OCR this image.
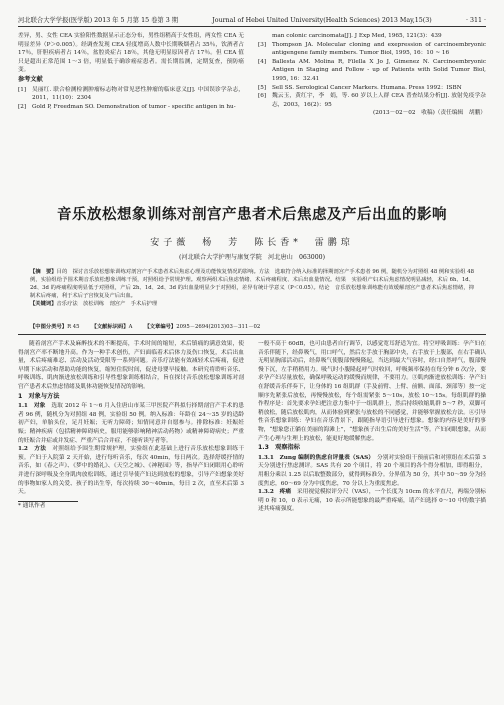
河北联合大学学报(医学版) 2013 年 5 月第 15 卷第 3 期	Journal of Hebei United University(Health Sciences) 2013 May,15(3)	· 311 ·

差异，男、女性 CEA 实验阳性数据显示正态分布，男性组稍高于女性组，两女性 CEA 无明显差异（P＞0.005）。经调查发现 CEA 轻度增高人数中长期吸烟者占 35％，饮酒者占 17％，肝胆疾病者占 14％，盆腔炎症占 18％，其他无明显原因者占 17％。但 CEA 值只是超出正常范围 1～3 倍，明显低于确诊癌症患者。需长期监测，定期复查，预防癌变。

参考文献
[1]	吴丽红. 联合检测检测肿瘤标志物对常见恶性肿瘤的临床意义[J]. 中国误诊学杂志，2011，11(10)：2304
[2]	Gold P, Freedman SO. Demonstration of tumor - specific antigen in hu-
man colonic carcinomata[J]. J Exp Med, 1965, 121(3)：439
[3]	Thompson JA. Molecular cloning and exepression of carcinoembryonic antigengene family members. Tumor Biol, 1995, 16：10 ~ 16
[4]	Ballesta AM. Molina R, Filella X Jo J, Gimenez N. Carcinoembryonic Antigen in Staging and Follow - up of Patients with Solid Tumor Biol, 1995, 16：32.41
[5]	Sell SS. Serological Cancer Markers. Humana. Press 1992：ISBN
[6]	魏云玉，黄红宇，李　娟，等. 60 岁以上人群 CEA 普查结果分析[J]. 放射免疫学杂志，2003，16(2)：95
(2013－02－02　收稿)（责任编辑　胡鹏）
音乐放松想象训练对剖宫产患者术后焦虑及产后出血的影响
安子薇　杨　芳　陈长香*　雷鹏琼
(河北联合大学护理与康复学院　河北唐山　063000)

【摘　要】目的　探讨音乐放松想象训练对剖宫产手术患者术后焦虑心理及功能恢复情况的影响。方法　选取符合纳入标准的择期剖宫产手术患者 96 例，随机分为对照组 48 例和实验组 48 例，实验组给予围术期音乐放松想象训练干预，对照组给予常规护理。观察两组术后焦虑情绪、术后疼痛程度、术后出血量情况。结果　实验组产妇术后焦虑情况明显减轻，术后 6h、1d、2d、3d 的疼痛程度明显低于对照组，产后 2h、1d、2d、3d 的出血量明显少于对照组，差异有统计学意义（P＜0.05）。结论　音乐放松想象训练能有效缓解剖宫产患者术后焦虑情绪，抑制术后疼痛，利于术后子宫恢复及产后出血。

【关键词】音乐疗法　放松训练　剖宫产　手术后护理

【中图分类号】R 45 【文献标识码】A 【文章编号】2095－2694(2013)03－311－02

随着剖宫产手术及麻醉技术的不断提高，手术时间的缩短，术后镇痛的满意效果，使得剖宫产率不断地升高。作为一种手术创伤，产妇面临着术后体力及伤口恢复，术后出血量，术后疼痛难忍、活动及活动受限等一系列问题。音乐疗法能有效减轻术后疼痛，促进早期下床活动和帮助功能的恢复，缩短住院时间，促进母婴早接触。本研究将聆听音乐、呼吸训练、肌肉渐进放松训练和引导性想象训练相结合，旨在探讨音乐放松想象训练对剖宫产患者术后焦虑情绪及肌体功能恢复情况的影响。

1　对象与方法

1.1　对象　 选取 2012 年 1～6 月入住唐山市某三甲医院产科拟行择期剖宫产手术的患者 96 例，随机分为对照组 48 例，实验组 50 例。纳入标准：年龄在 24～35 岁的适龄初产妇，单胎头位，足月妊娠；无听力障碍；知情同意并自愿参与。排除标准：妊娠妊娠；精神疾病（包括精神障碍病史，服用能够影响精神活动药物）或精神障碍病史；严重的妊娠合并症或并发症、严重产后合并症，不能听读写者等。

1.2　方法　 对照组给予围生期常规护理，实验组在此基础上进行音乐放松想象训练干预。产妇于入院第 2 天开始，进行每听音乐，每次 40min，每日两次。选择舒缓抒情的音乐，如《春之声》、《梦中的婚礼》、《天空之城》、《神秘园》等，指导产妇闭眼用心聆听并进行深呼吸及全身肌肉放松训练，通过引导使产妇达到放松的想象，引导产妇想象美好的事物如家人的关爱、孩子的出生等，每次持续 30～40min，每日 2 次，直至术后第 3 天。

* 通讯作者

一般不高于 60dB，也可由患者自行调节，以感觉宽耳舒适为宜。将空呼吸训练：孕产妇在音乐伴随下，经鼻吸气，用口呼气，然后左手放于胸部中央，右手放于上腹部，在右手确认无明显胸部活动后，经鼻吸气使腹部慢慢隆起，当达到最大气容时，经口自然呼气，腹部慢慢下沉，左手稍稍用力。吸气时小腹隆起呼气时收回，呼吸频率保持在每分钟 6 次/分，要求孕产妇尽量放松，确保呼吸运动的缓慢而规律，不要用力。③肌肉渐进放松训练：孕产妇在舒缓音乐伴奏下，让身体的 16 组肌群（手及前臂、上臂、前额、面部、颈部等）按一定顺序先紧张后放松，再慢慢放松，每个组需紧张 5～10s，放松 10～15s。每组肌群的操作程序是：首先要求孕妇把注意力集中于一组肌群上，然后持续收缩肌群 5～7 秒，双脚可稍放松，随后放松肌肉，从而体验到紧张与放松的不同感觉，并能够掌握放松方法。④引导性音乐想象训练：孕妇在音乐背景下，跟随指导语引导进行想象。想象的内容是美好的事物，“想象您正躺在美丽的海滩上”，“想象孩子出生后的美好生活”等。产妇闭眼想象，从而产生心理与生理上的放松，能更好地缓解焦虑。

1.3　观察指标

1.3.1　Zung 编制的焦虑自评量表（SAS）　 分别对实验组干预前后和对照组在术后第 3 天分别进行焦虑测评。SAS 共有 20 个项目，将 20 个项目的各个得分相加，即得粗分，用粗分乘以 1.25 以后取整数部分，就得到标准分。分界值为 50 分，其中 50～59 分为轻度焦虑，60～69 分为中度焦虑，70 分以上为重度焦虑。

1.3.2　疼痛　 采用视觉模拟评分尺（VAS），一个长度为 10cm 的水平直尺，两端分别标明 0 和 10，0 表示无痛，10 表示所能想象的最严重疼痛，请产妇选择 0～10 中的数字描述其疼痛强度。
